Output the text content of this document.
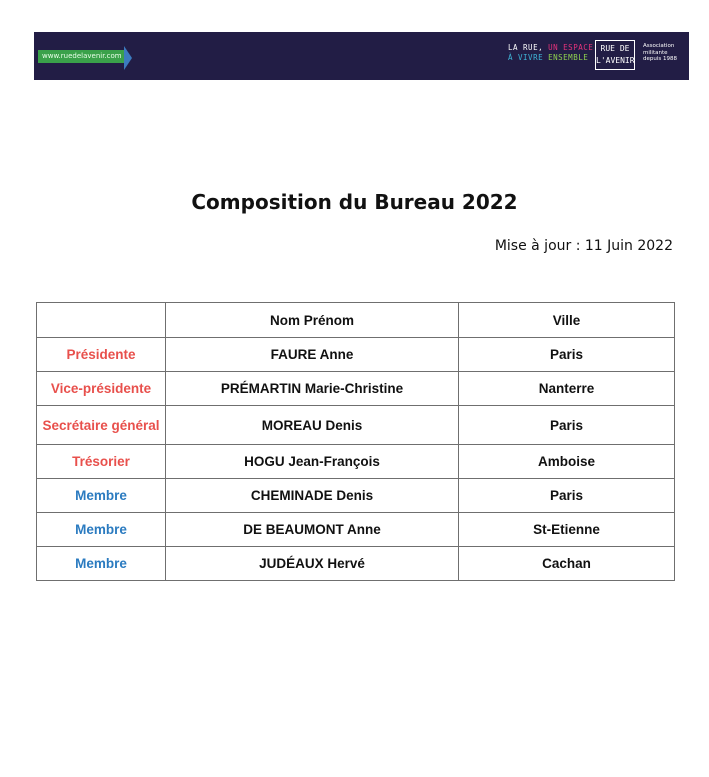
www.ruedelavenir.com
LA RUE, UN ESPACE
À VIVRE ENSEMBLE
RUE DE
L'AVENIR
Association
militante
depuis 1988
Composition du Bureau 2022
Mise à jour : 11 Juin 2022
	Nom Prénom	Ville
Présidente	FAURE Anne	Paris
Vice-présidente	PRÉMARTIN Marie-Christine	Nanterre
Secrétaire général	MOREAU Denis	Paris
Trésorier	HOGU Jean-François	Amboise
Membre	CHEMINADE Denis	Paris
Membre	DE BEAUMONT Anne	St-Etienne
Membre	JUDÉAUX Hervé	Cachan
